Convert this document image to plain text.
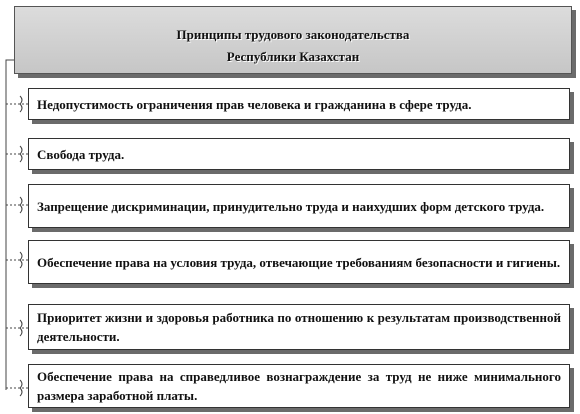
Принципы трудового законодательства
Республики Казахстан
Недопустимость ограничения прав человека и гражданина в сфере труда.
Свобода труда.
Запрещение дискриминации, принудительно труда и наихудших форм детского труда.
Обеспечение права на условия труда, отвечающие требованиям безопасности и гигиены.
Приоритет жизни и здоровья работника по отношению к результатам производственной деятельности.
Обеспечение права на справедливое вознаграждение за труд не ниже минимального размера заработной платы.
